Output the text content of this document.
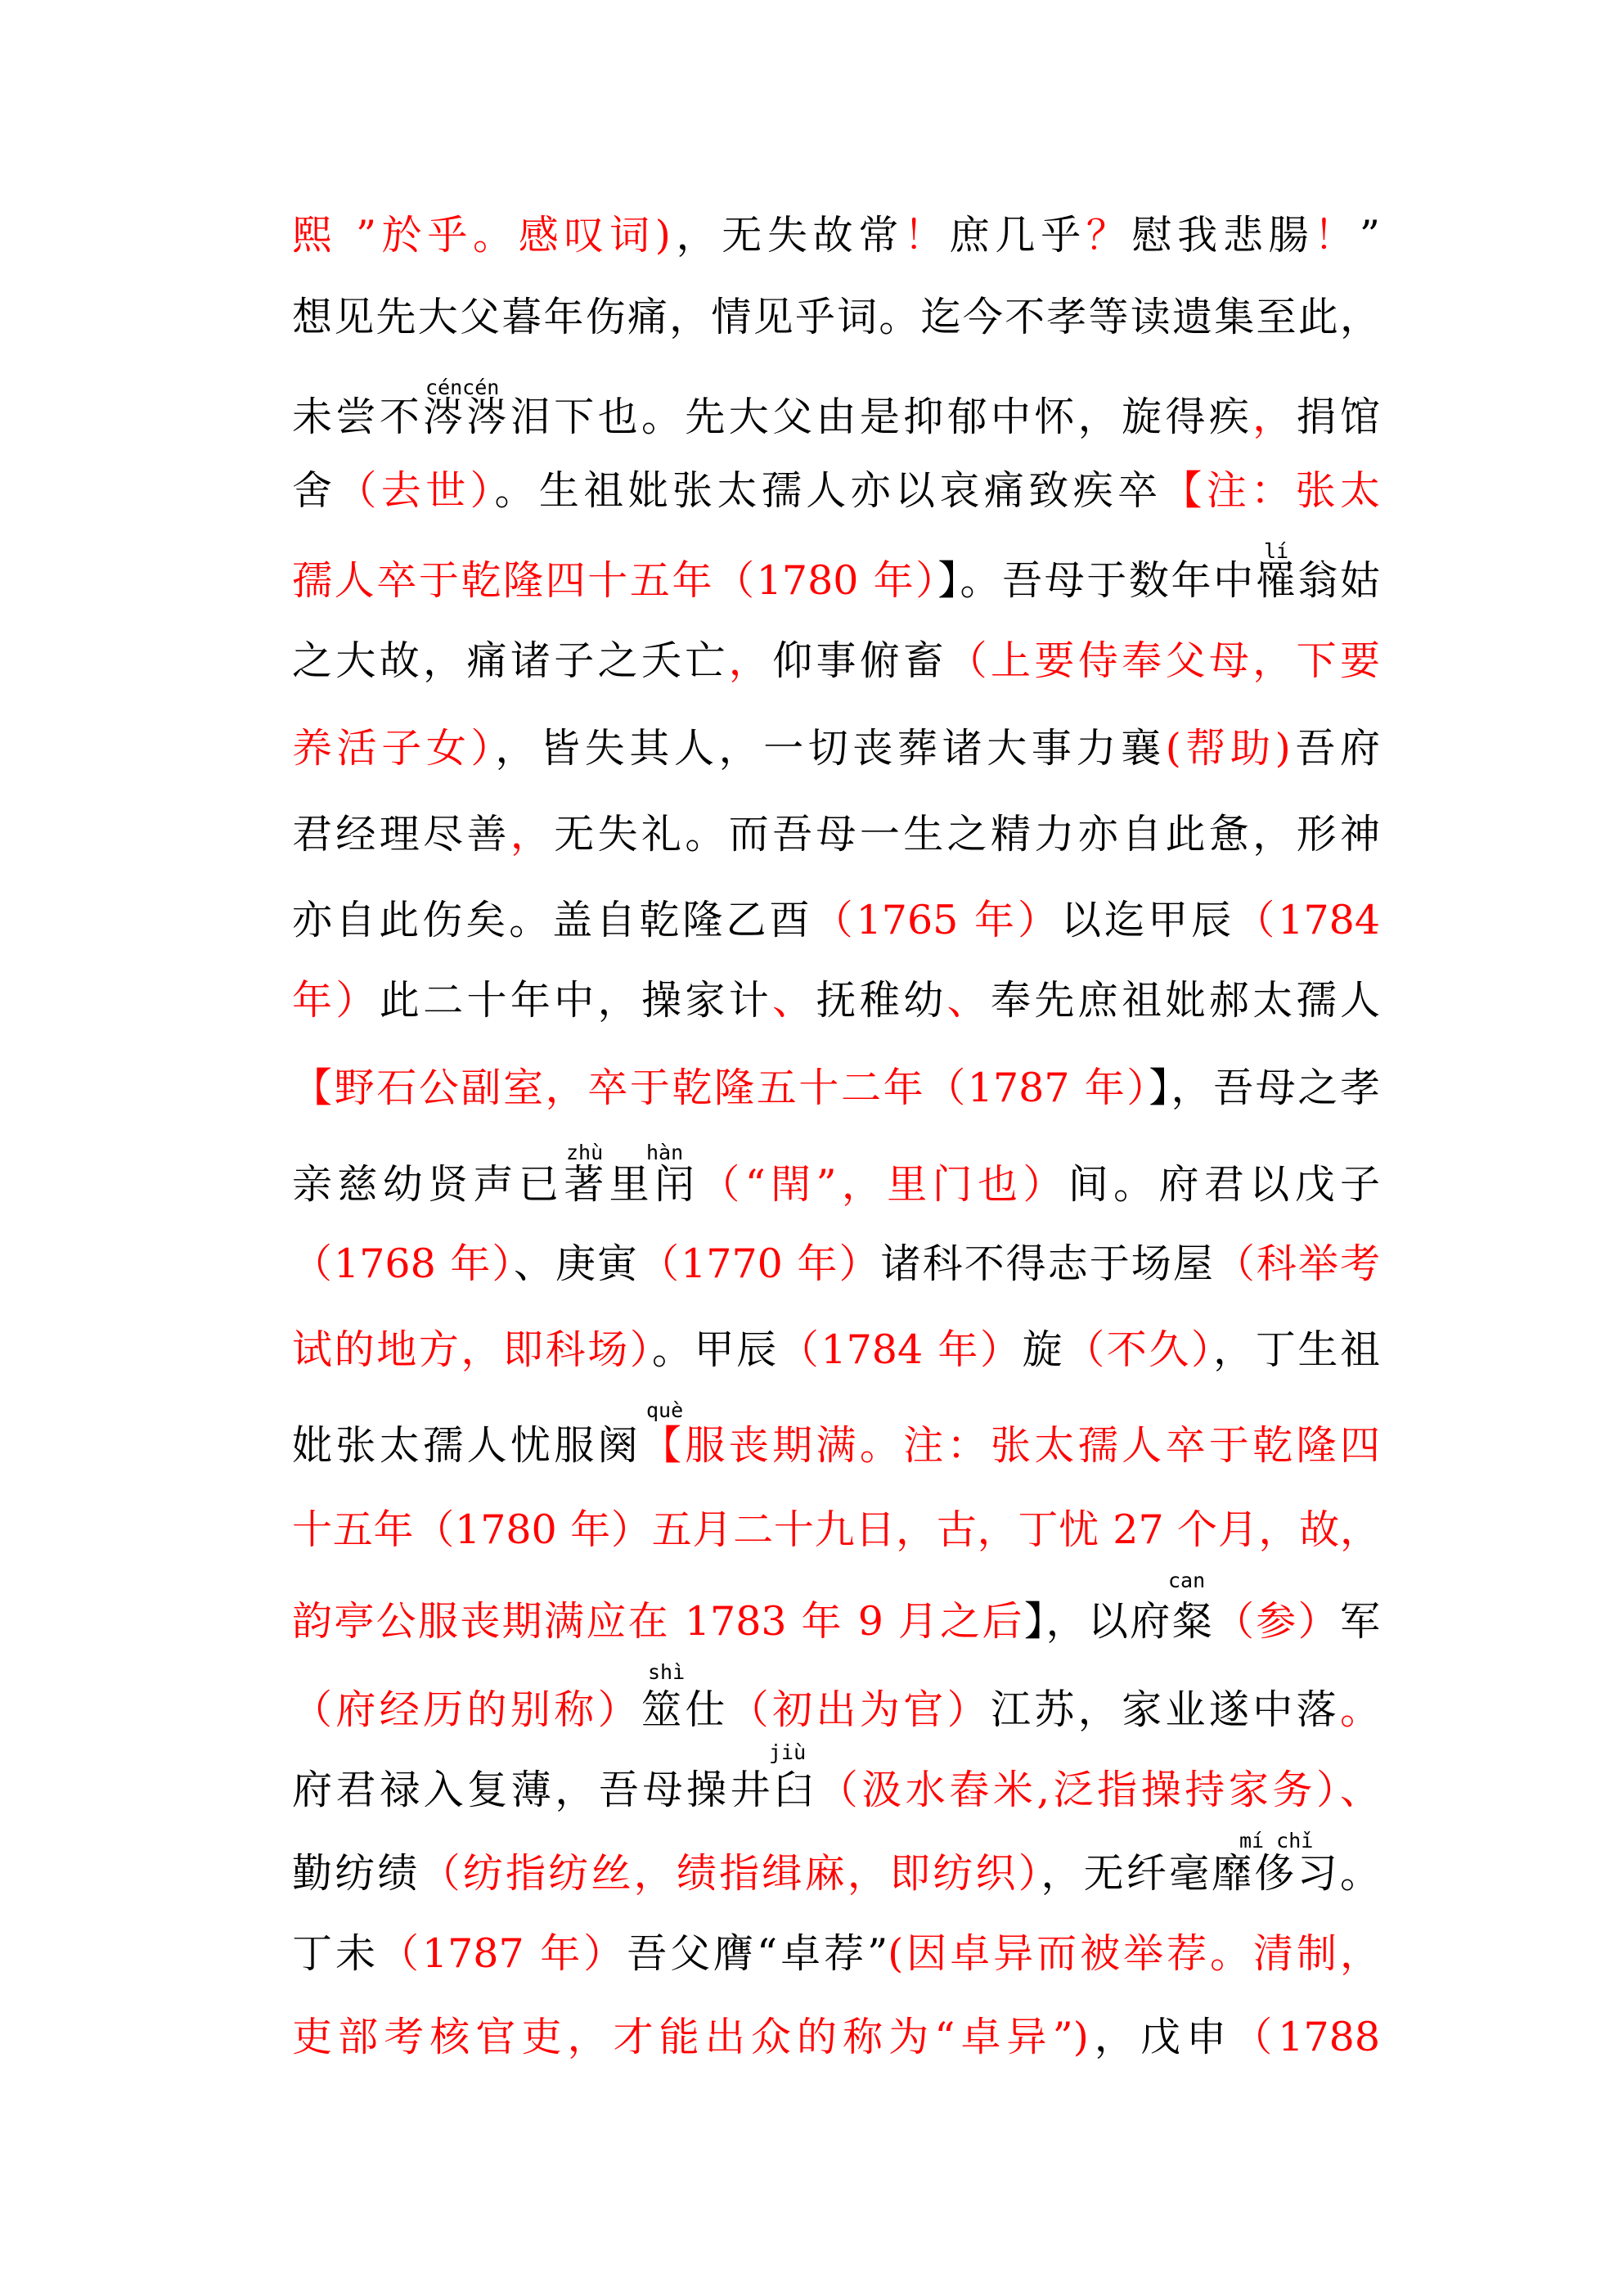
熙 ”於乎。感叹词)，无失故常！庶几乎？慰我悲腸！”
想见先大父暮年伤痛，情见乎词。迄今不孝等读遗集至此，
未尝不涔涔泪下也。先大父由是抑郁中怀，旋得疾，捐馆
舍（去世）。生祖妣张太孺人亦以哀痛致疾卒【注：张太
孺人卒于乾隆四十五年（1780 年）】。吾母于数年中罹翁姑
之大故，痛诸子之夭亡，仰事俯畜（上要侍奉父母，下要
养活子女），皆失其人，一切丧葬诸大事力襄(帮助)吾府
君经理尽善，无失礼。而吾母一生之精力亦自此惫，形神
亦自此伤矣。盖自乾隆乙酉（1765 年）以迄甲辰（1784
年）此二十年中，操家计、抚稚幼、奉先庶祖妣郝太孺人
【野石公副室，卒于乾隆五十二年（1787 年）】，吾母之孝
亲慈幼贤声已著里闬（“閈”，里门也）间。府君以戊子
（1768 年）、庚寅（1770 年）诸科不得志于场屋（科举考
试的地方，即科场）。甲辰（1784 年）旋（不久），丁生祖
妣张太孺人忧服阕【服丧期满。注：张太孺人卒于乾隆四
十五年（1780 年）五月二十九日，古，丁忧 27 个月，故，
韵亭公服丧期满应在 1783 年 9 月之后】，以府粲（参）军
（府经历的别称）筮仕（初出为官）江苏，家业遂中落。
府君禄入复薄，吾母操井臼（汲水舂米,泛指操持家务）、
勤纺绩（纺指纺丝，绩指缉麻，即纺织），无纤毫靡侈习。
丁未（1787 年）吾父膺“卓荐”(因卓异而被举荐。清制，
吏部考核官吏，才能出众的称为“卓异”)，戊申（1788
céncén
lí
zhù hàn
què
can
shì
jiù
mí chǐ
